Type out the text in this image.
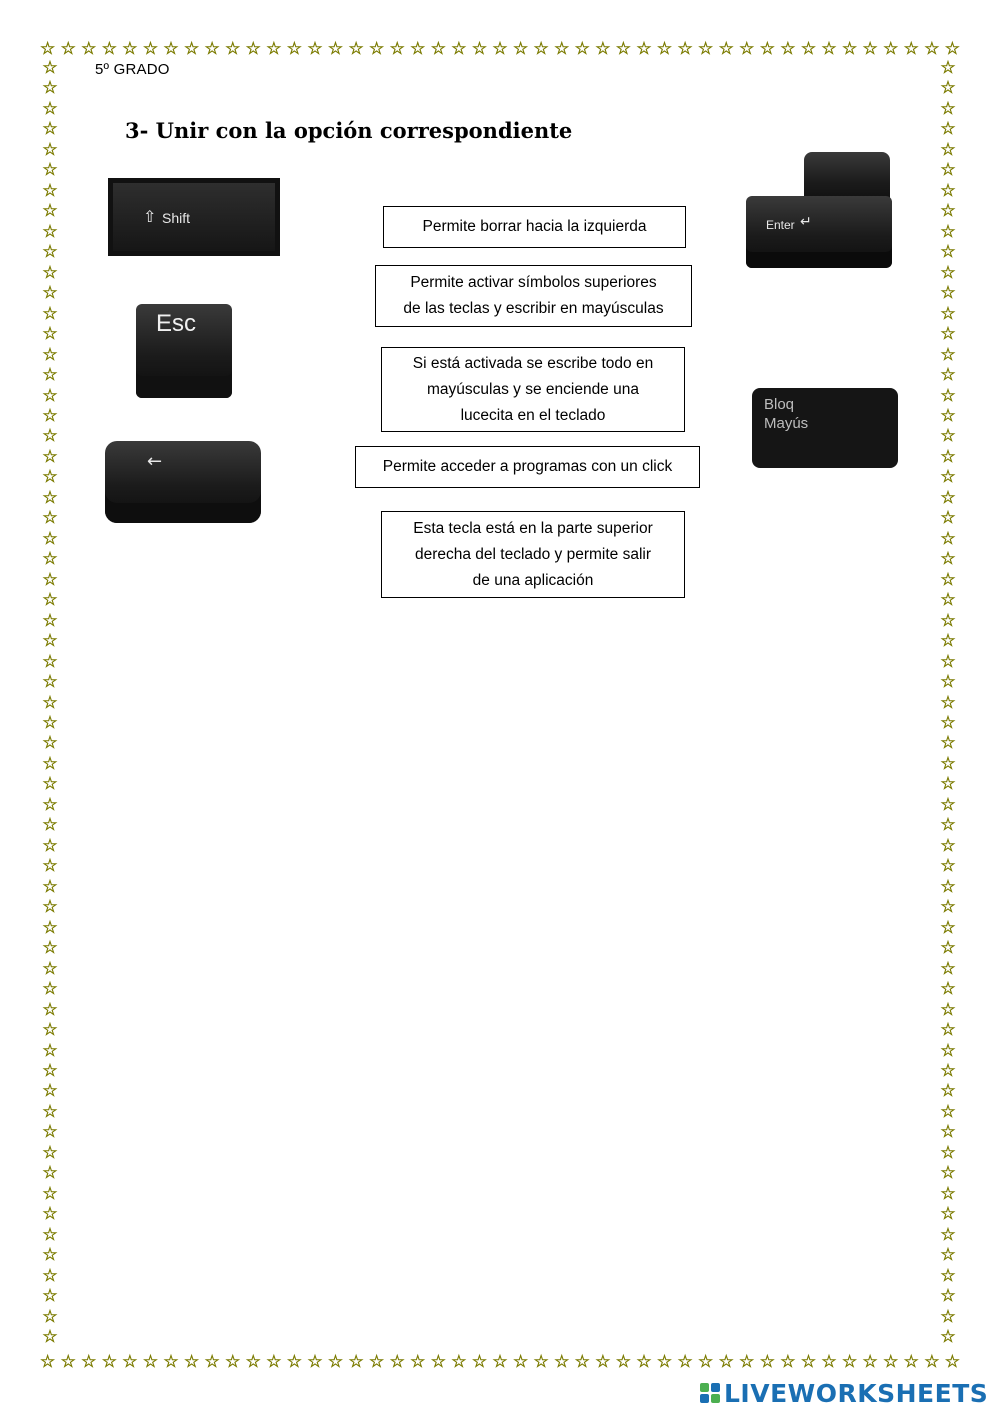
☆ ☆ ☆ ☆ ☆ ☆ ☆ ☆ ☆ ☆ ☆ ☆ ☆ ☆ ☆ ☆ ☆ ☆ ☆ ☆ ☆ ☆ ☆ ☆ ☆ ☆ ☆ ☆ ☆ ☆ ☆ ☆ ☆ ☆ ☆ ☆ ☆ ☆ ☆ ☆ ☆ ☆ ☆ ☆ ☆
☆ ☆ ☆ ☆ ☆ ☆ ☆ ☆ ☆ ☆ ☆ ☆ ☆ ☆ ☆ ☆ ☆ ☆ ☆ ☆ ☆ ☆ ☆ ☆ ☆ ☆ ☆ ☆ ☆ ☆ ☆ ☆ ☆ ☆ ☆ ☆ ☆ ☆ ☆ ☆ ☆ ☆ ☆ ☆ ☆
☆
☆
☆
☆
☆
☆
☆
☆
☆
☆
☆
☆
☆
☆
☆
☆
☆
☆
☆
☆
☆
☆
☆
☆
☆
☆
☆
☆
☆
☆
☆
☆
☆
☆
☆
☆
☆
☆
☆
☆
☆
☆
☆
☆
☆
☆
☆
☆
☆
☆
☆
☆
☆
☆
☆
☆
☆
☆
☆
☆
☆
☆
☆
☆
☆
☆
☆
☆
☆
☆
☆
☆
☆
☆
☆
☆
☆
☆
☆
☆
☆
☆
☆
☆
☆
☆
☆
☆
☆
☆
☆
☆
☆
☆
☆
☆
☆
☆
☆
☆
☆
☆
☆
☆
☆
☆
☆
☆
☆
☆
☆
☆
☆
☆
☆
☆
☆
☆
☆
☆
☆
☆
☆
☆
☆
☆
5º GRADO
3- Unir con la opción correspondiente
⇧ Shift
Esc
←
Enter ↵
Bloq
Mayús
Permite borrar hacia la izquierda
Permite activar símbolos superiores
de las teclas y escribir en mayúsculas
Si está activada se escribe todo en
mayúsculas y se enciende una
lucecita en el teclado
Permite acceder a programas con un click
Esta tecla está en la parte superior
derecha del teclado y permite salir
de una aplicación
LIVEWORKSHEETS
